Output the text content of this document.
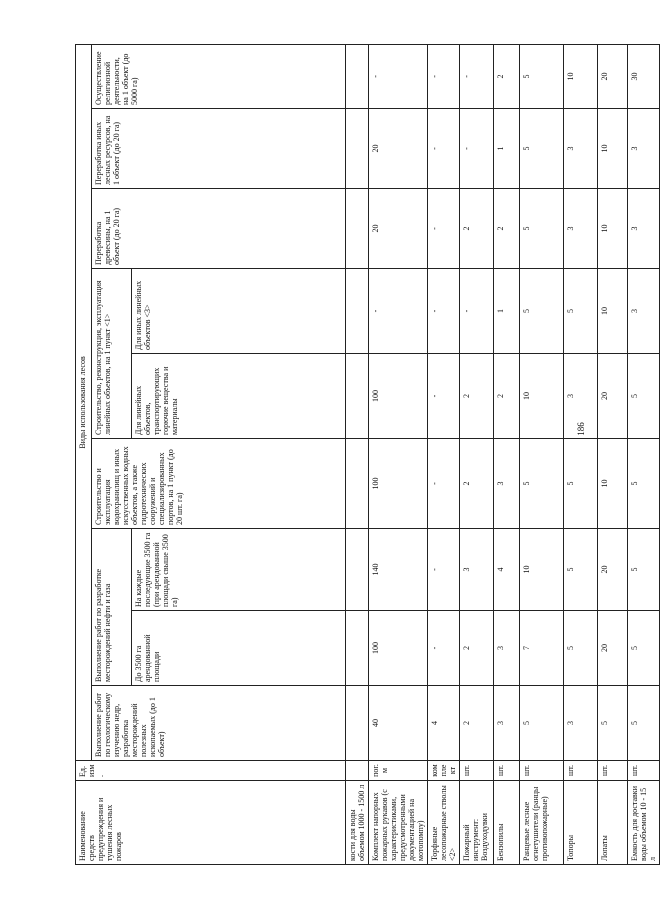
Наименование средств предупреждения и тушения лесных пожаров	Ед. изм.	Виды использования лесов								
		Выполнение работ по геологическому изучению недр, разработка месторождений полезных ископаемых (до 1 объект)	Выполнение работ по разработке месторождений нефти и газа		Строительство и эксплуатация водохранилищ и иных искусственных водных объектов, а также гидротехнических сооружений и специализированных портов, на 1 пункт (до 20 шт. га)	Строительство, реконструкция, эксплуатация линейных объектов, на 1 пункт <1>		Переработка древесины, на 1 объект (до 20 га)	Переработка иных лесных ресурсов, на 1 объект (до 20 га)	Осуществление религиозной деятельности, на 1 объект (до 5000 га)
			До 3500 га арендованной площади	На каждые последующие 3500 га (при арендованной площади свыше 3500 га)		Для линейных объектов, транспортирующих горючие вещества и материалы	Для иных линейных объектов <3>			
кости для воды объемом 1000 - 1500 л										
Комплект напорных пожарных рукавов (с характеристиками, предусмотренными документацией на мотопомпу)	пог. м	40	100	140	100	100	-	20	20	-
Торфяные лесопожарные стволы <2>	комплект	4	-	-	-	-	-	-	-	-
Пожарный инструмент: Воздуходувки	шт.	2	2	3	2	2	-	2	-	-
Бензопилы	шт.	3	3	4	3	2	1	2	1	2
Ранцевые лесные огнетушители (ранцы противопожарные)	шт.	5	7	10	5	10	5	5	5	5
Топоры	шт.	3	5	5	5	3	5	3	3	10
Лопаты	шт.	5	20	20	10	20	10	10	10	20
Емкость для доставки воды объемом 10 - 15 л	шт.	5	5	5	5	5	3	3	3	30
186
